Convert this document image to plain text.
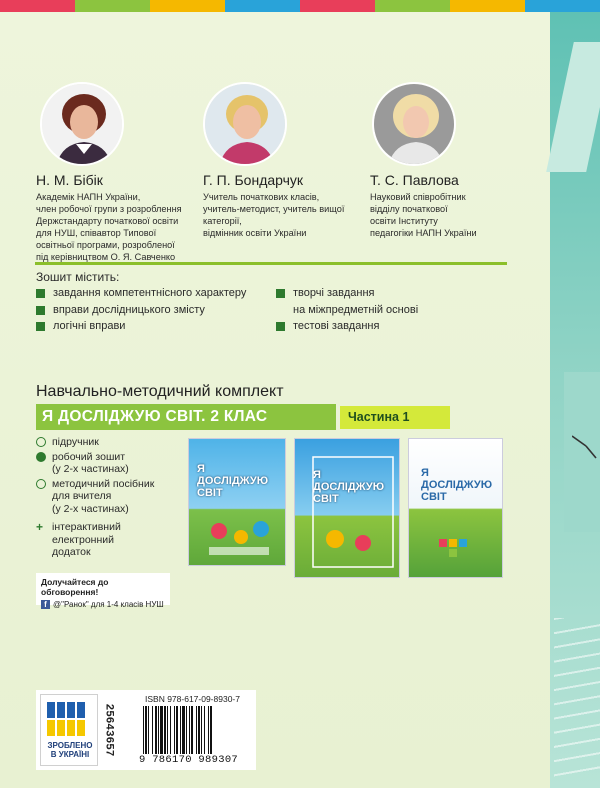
Н. М. Бібік
Академік НАПН України,
член робочої групи з розроблення
Держстандарту початкової освіти
для НУШ, співавтор Типової
освітньої програми, розробленої
під керівництвом О. Я. Савченко
Г. П. Бондарчук
Учитель початкових класів,
учитель-методист, учитель вищої категорії,
відмінник освіти України
Т. С. Павлова
Науковий співробітник
відділу початкової
освіти Інституту
педагогіки НАПН України
Зошит містить:
завдання компетентнісного характеру
вправи дослідницького змісту
логічні вправи
творчі завдання
на міжпредметній основі
тестові завдання
Навчально-методичний комплект
Я ДОСЛІДЖУЮ СВІТ. 2 КЛАС	Частина 1
підручник
робочий зошит
(у 2-х частинах)
методичний посібник
для вчителя
(у 2-х частинах)
+ інтерактивний
електронний
додаток
Я
ДОСЛІДЖУЮ
СВІТ
Я
ДОСЛІДЖУЮ
СВІТ
Я
ДОСЛІДЖУЮ
СВІТ
Долучайтеся до обговорення!
f @"Ранок" для 1-4 класів НУШ
ЗРОБЛЕНО
В УКРАЇНІ	25643657
ISBN 978-617-09-8930-7
9 786170 989307
